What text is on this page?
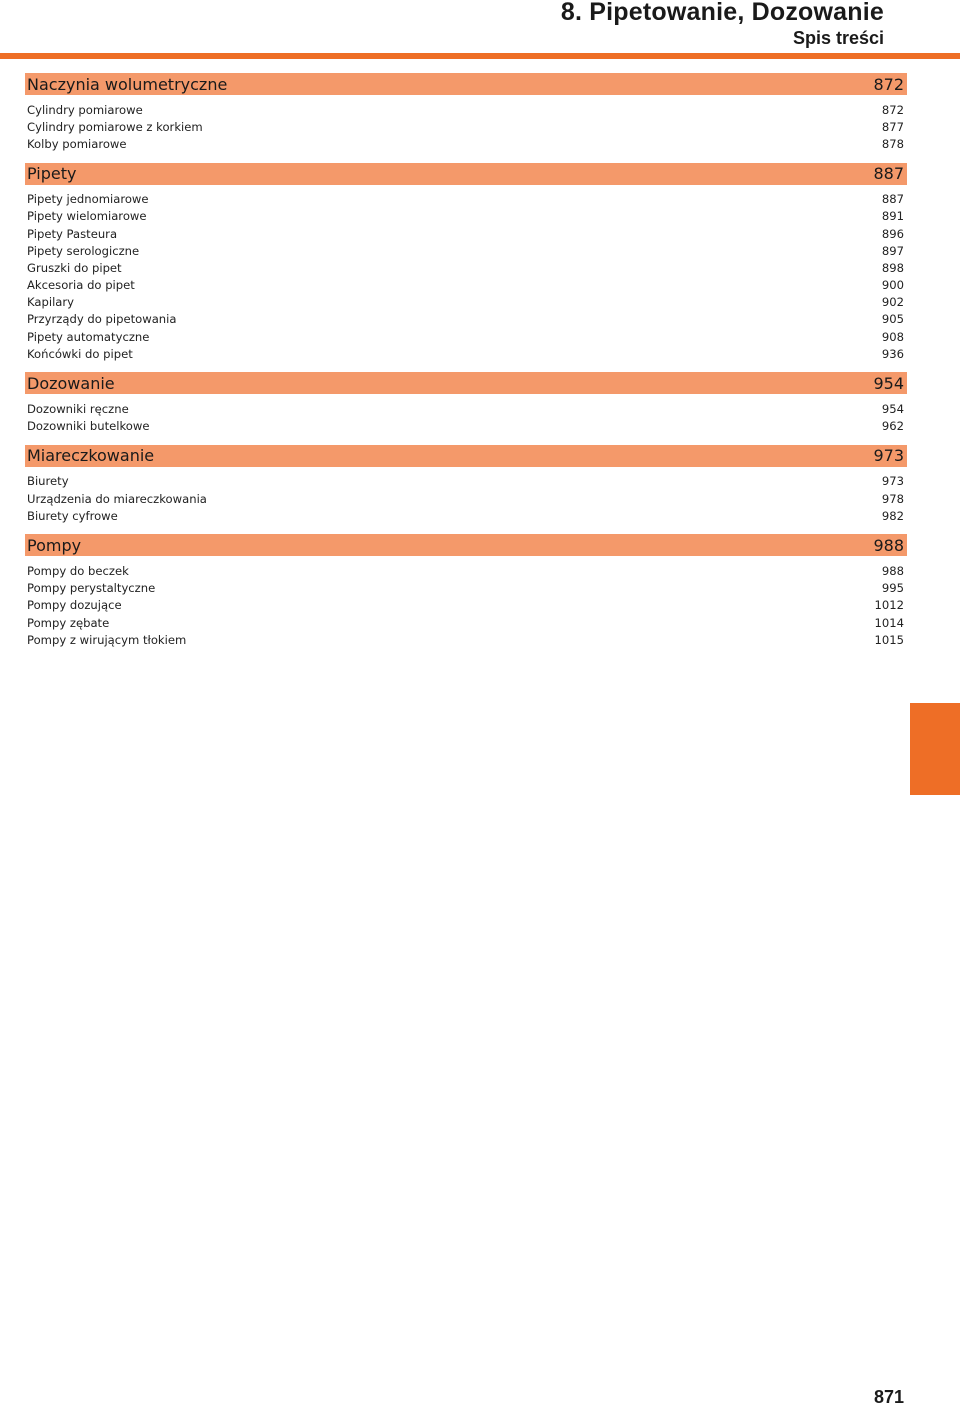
8. Pipetowanie, Dozowanie
Spis treści
Naczynia wolumetryczne	872
Cylindry pomiarowe	872
Cylindry pomiarowe z korkiem	877
Kolby pomiarowe	878
Pipety	887
Pipety jednomiarowe	887
Pipety wielomiarowe	891
Pipety Pasteura	896
Pipety serologiczne	897
Gruszki do pipet	898
Akcesoria do pipet	900
Kapilary	902
Przyrządy do pipetowania	905
Pipety automatyczne	908
Końcówki do pipet	936
Dozowanie	954
Dozowniki ręczne	954
Dozowniki butelkowe	962
Miareczkowanie	973
Biurety	973
Urządzenia do miareczkowania	978
Biurety cyfrowe	982
Pompy	988
Pompy do beczek	988
Pompy perystaltyczne	995
Pompy dozujące	1012
Pompy zębate	1014
Pompy z wirującym tłokiem	1015
871
